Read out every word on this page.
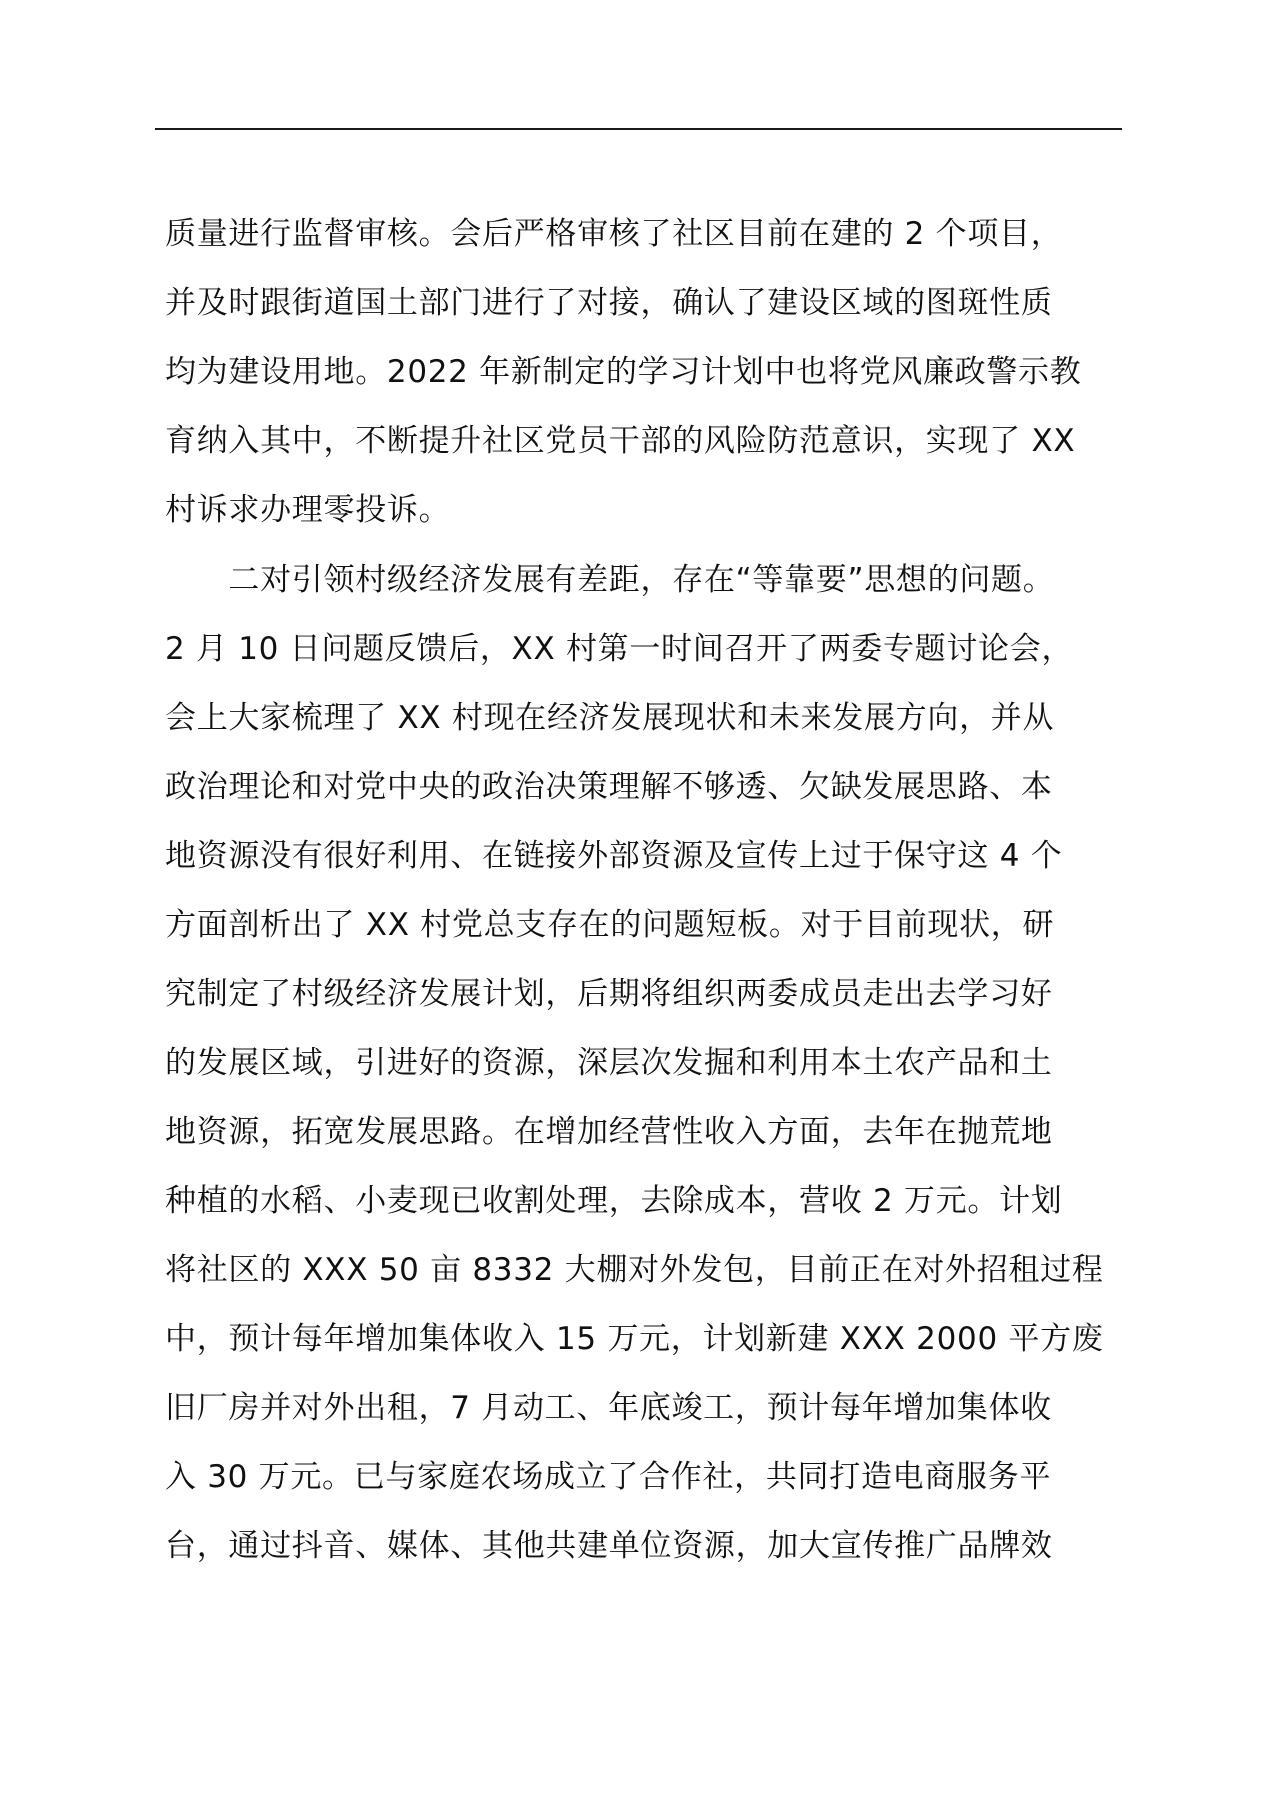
质量进行监督审核。会后严格审核了社区目前在建的 2 个项目，
并及时跟街道国土部门进行了对接，确认了建设区域的图斑性质
均为建设用地。2022 年新制定的学习计划中也将党风廉政警示教
育纳入其中，不断提升社区党员干部的风险防范意识，实现了 XX
村诉求办理零投诉。
　　二对引领村级经济发展有差距，存在“等靠要”思想的问题。
2 月 10 日问题反馈后，XX 村第一时间召开了两委专题讨论会，
会上大家梳理了 XX 村现在经济发展现状和未来发展方向，并从
政治理论和对党中央的政治决策理解不够透、欠缺发展思路、本
地资源没有很好利用、在链接外部资源及宣传上过于保守这 4 个
方面剖析出了 XX 村党总支存在的问题短板。对于目前现状，研
究制定了村级经济发展计划，后期将组织两委成员走出去学习好
的发展区域，引进好的资源，深层次发掘和利用本土农产品和土
地资源，拓宽发展思路。在增加经营性收入方面，去年在抛荒地
种植的水稻、小麦现已收割处理，去除成本，营收 2 万元。计划
将社区的 XXX 50 亩 8332 大棚对外发包，目前正在对外招租过程
中，预计每年增加集体收入 15 万元，计划新建 XXX 2000 平方废
旧厂房并对外出租，7 月动工、年底竣工，预计每年增加集体收
入 30 万元。已与家庭农场成立了合作社，共同打造电商服务平
台，通过抖音、媒体、其他共建单位资源，加大宣传推广品牌效
